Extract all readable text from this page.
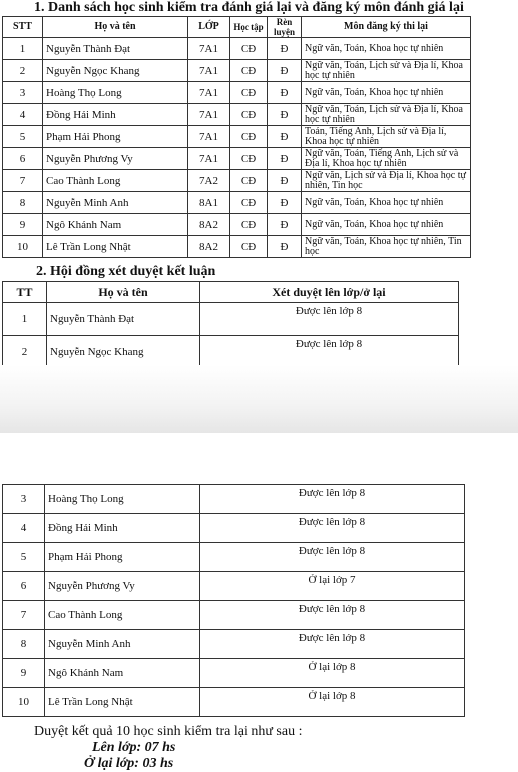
1. Danh sách học sinh kiểm tra đánh giá lại và đăng ký môn đánh giá lại
STT	Họ và tên	LỚP	Học tập	Rèn luyện	Môn đăng ký thi lại
1	Nguyễn Thành Đạt	7A1	CĐ	Đ	Ngữ văn, Toán, Khoa học tự nhiên
2	Nguyễn Ngọc Khang	7A1	CĐ	Đ	Ngữ văn, Toán, Lịch sử và Địa lí, Khoa học tự nhiên
3	Hoàng Thọ Long	7A1	CĐ	Đ	Ngữ văn, Toán, Khoa học tự nhiên
4	Đồng Hải Minh	7A1	CĐ	Đ	Ngữ văn, Toán, Lịch sử và Địa lí, Khoa học tự nhiên
5	Phạm Hải Phong	7A1	CĐ	Đ	Toán, Tiếng Anh, Lịch sử và Địa lí, Khoa học tự nhiên
6	Nguyễn Phương Vy	7A1	CĐ	Đ	Ngữ văn, Toán, Tiếng Anh, Lịch sử và Địa lí, Khoa học tự nhiên
7	Cao Thành Long	7A2	CĐ	Đ	Ngữ văn, Lịch sử và Địa lí, Khoa học tự nhiên, Tin học
8	Nguyễn Minh Anh	8A1	CĐ	Đ	Ngữ văn, Toán, Khoa học tự nhiên
9	Ngô Khánh Nam	8A2	CĐ	Đ	Ngữ văn, Toán, Khoa học tự nhiên
10	Lê Trần Long Nhật	8A2	CĐ	Đ	Ngữ văn, Toán, Khoa học tự nhiên, Tin học
2. Hội đồng xét duyệt kết luận
TT	Họ và tên	Xét duyệt lên lớp/ở lại
1	Nguyễn Thành Đạt	Được lên lớp 8
2	Nguyễn Ngọc Khang	Được lên lớp 8
3	Hoàng Thọ Long	Được lên lớp 8
4	Đồng Hải Minh	Được lên lớp 8
5	Phạm Hải Phong	Được lên lớp 8
6	Nguyễn Phương Vy	Ở lại lớp 7
7	Cao Thành Long	Được lên lớp 8
8	Nguyễn Minh Anh	Được lên lớp 8
9	Ngô Khánh Nam	Ở lại lớp 8
10	Lê Trần Long Nhật	Ở lại lớp 8

Duyệt kết quả 10 học sinh kiểm tra lại như sau :

Lên lớp: 07 hs

Ở lại lớp: 03 hs
